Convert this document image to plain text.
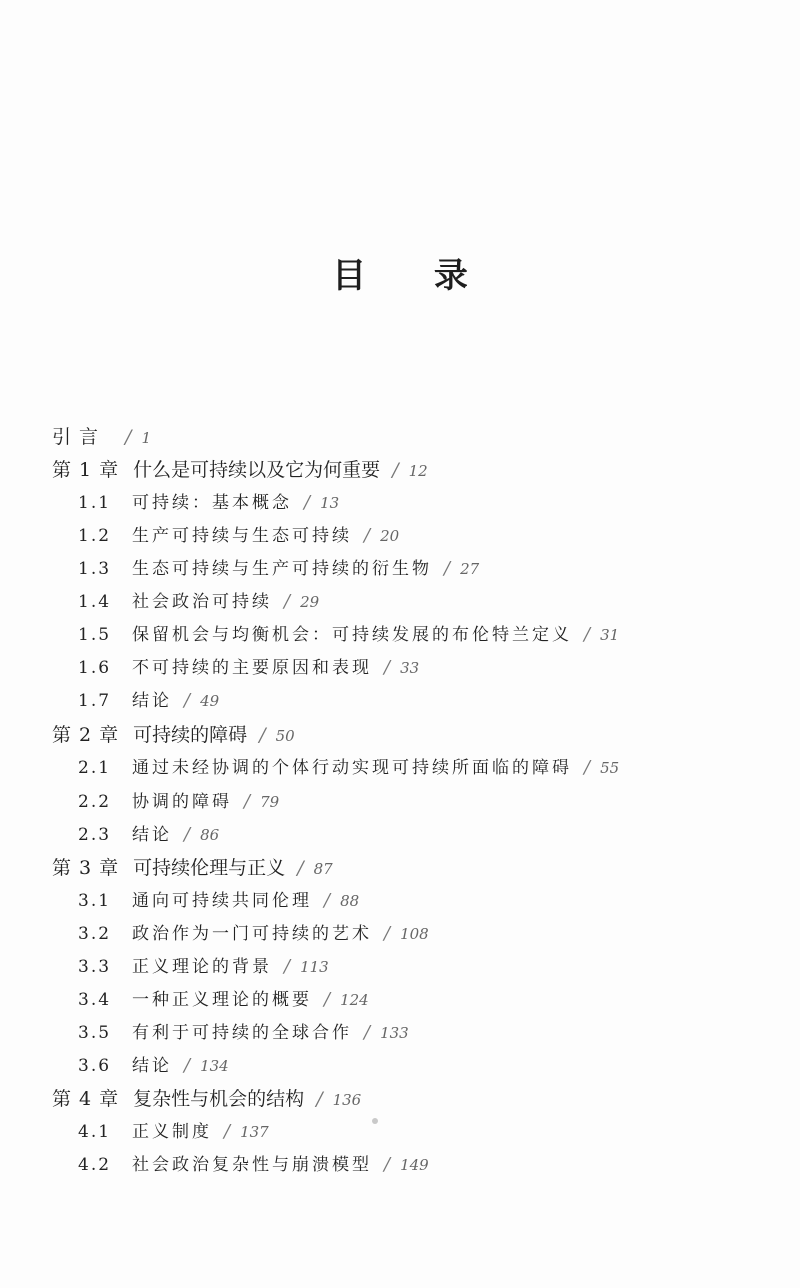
目 录
引 言 / 1
第 1 章 什么是可持续以及它为何重要 / 12
1.1 可持续：基本概念 / 13
1.2 生产可持续与生态可持续 / 20
1.3 生态可持续与生产可持续的衍生物 / 27
1.4 社会政治可持续 / 29
1.5 保留机会与均衡机会：可持续发展的布伦特兰定义 / 31
1.6 不可持续的主要原因和表现 / 33
1.7 结论 / 49
第 2 章 可持续的障碍 / 50
2.1 通过未经协调的个体行动实现可持续所面临的障碍 / 55
2.2 协调的障碍 / 79
2.3 结论 / 86
第 3 章 可持续伦理与正义 / 87
3.1 通向可持续共同伦理 / 88
3.2 政治作为一门可持续的艺术 / 108
3.3 正义理论的背景 / 113
3.4 一种正义理论的概要 / 124
3.5 有利于可持续的全球合作 / 133
3.6 结论 / 134
第 4 章 复杂性与机会的结构 / 136
4.1 正义制度 / 137
4.2 社会政治复杂性与崩溃模型 / 149
